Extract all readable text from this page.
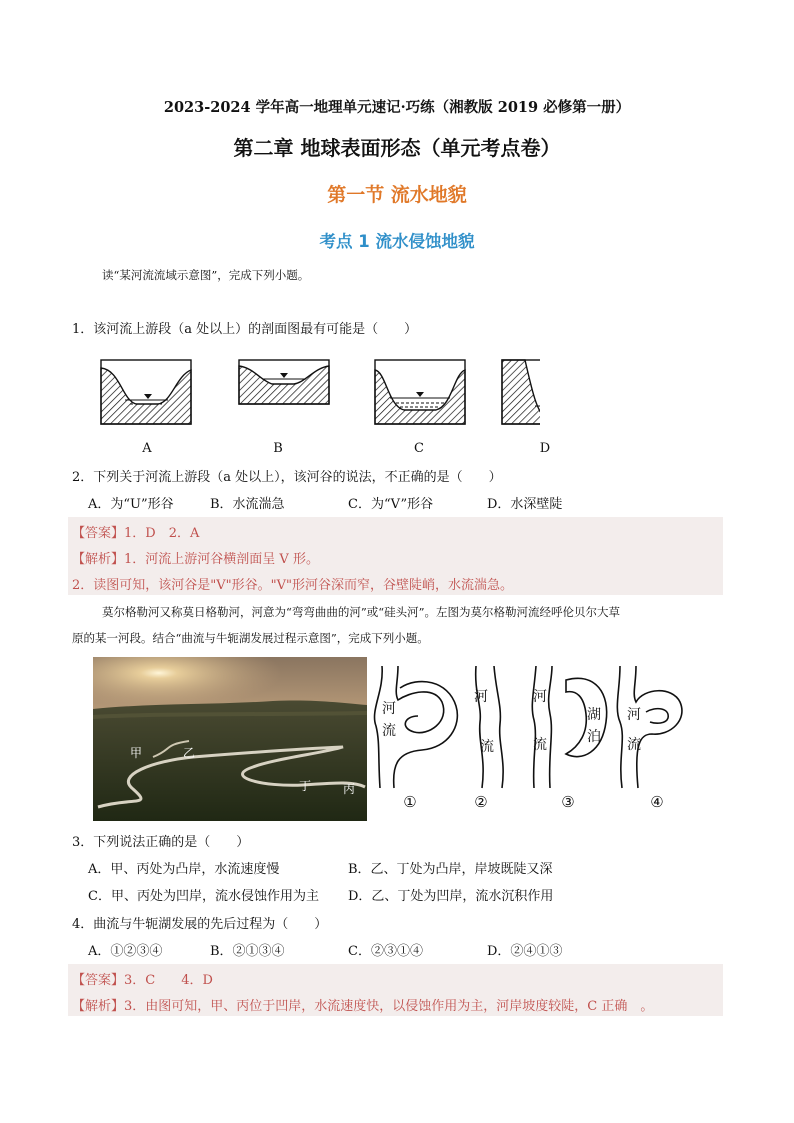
2023-2024 学年高一地理单元速记·巧练（湘教版 2019 必修第一册）
第二章 地球表面形态（单元考点卷）
第一节 流水地貌
考点 1 流水侵蚀地貌
读“某河流流域示意图”，完成下列小题。
1．该河流上游段（a 处以上）的剖面图最有可能是（　　）
A	B	C	D
2．下列关于河流上游段（a 处以上），该河谷的说法，不正确的是（　　）
A．为“U”形谷	B．水流湍急	C．为“V”形谷	D．水深壁陡
【答案】1．D　2．A
【解析】1．河流上游河谷横剖面呈 V 形。
2．读图可知，该河谷是"V"形谷。"V"形河谷深而窄，谷壁陡峭，水流湍急。
莫尔格勒河又称莫日格勒河，河意为“弯弯曲曲的河”或“硅头河”。左图为莫尔格勒河流经呼伦贝尔大草
原的某一河段。结合“曲流与牛轭湖发展过程示意图”，完成下列小题。
甲	乙
丁	丙
河
流
河
流
河
流
湖
泊
河
流
①	②	③	④
3．下列说法正确的是（　　）
A．甲、丙处为凸岸，水流速度慢	B．乙、丁处为凸岸，岸坡既陡又深
C．甲、丙处为凹岸，流水侵蚀作用为主 D．乙、丁处为凹岸，流水沉积作用
4．曲流与牛轭湖发展的先后过程为（　　）
A．①②③④	B．②①③④	C．②③①④	D．②④①③
【答案】3．C　　4．D
【解析】3．由图可知，甲、丙位于凹岸，水流速度快，以侵蚀作用为主，河岸坡度较陡，C 正确　。
